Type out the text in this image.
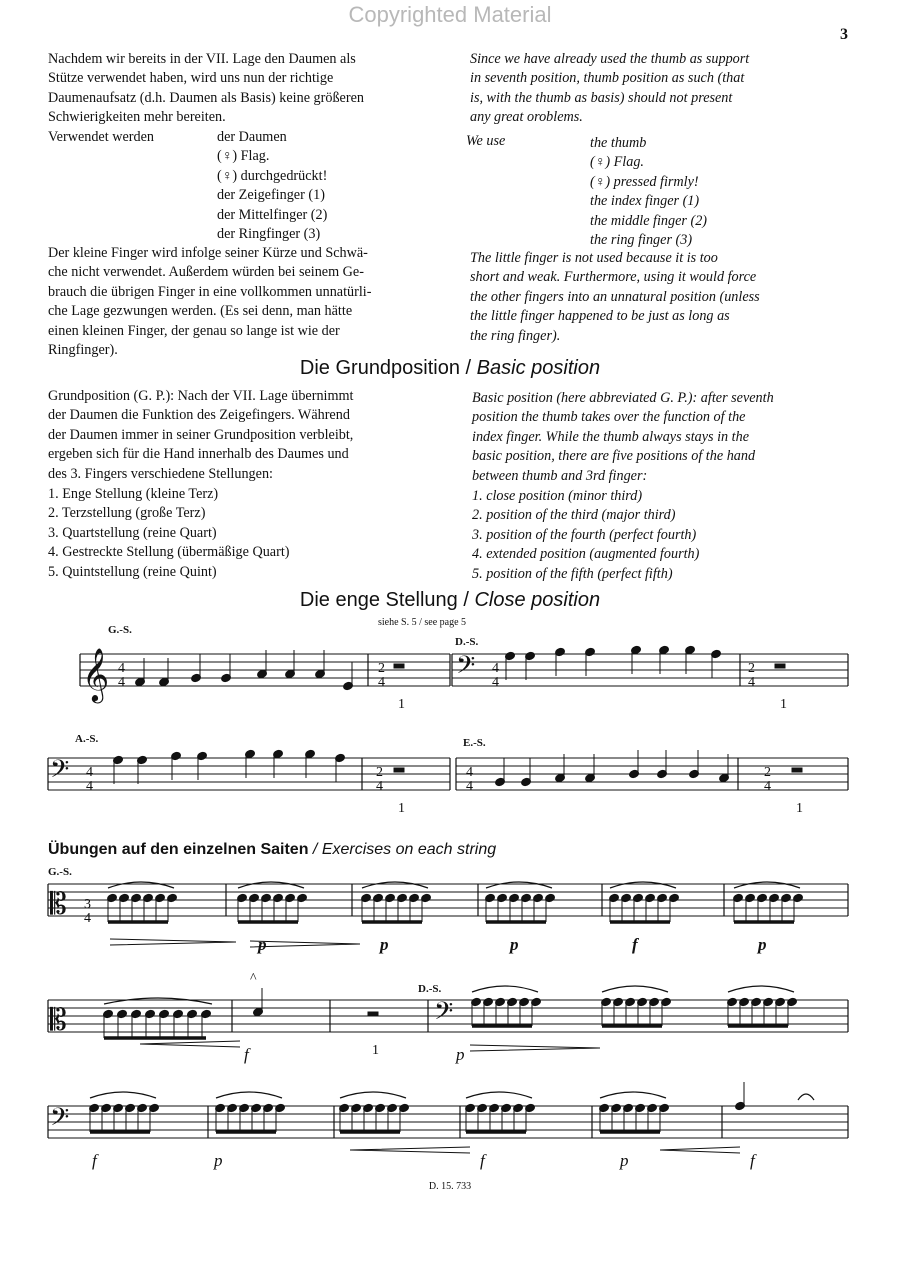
Copyrighted Material
3
Nachdem wir bereits in der VII. Lage den Daumen als
Stütze verwendet haben, wird uns nun der richtige
Daumenaufsatz (d.h. Daumen als Basis) keine größeren
Schwierigkeiten mehr bereiten.
Verwendet werden	der Daumen
(♀) Flag.
(♀) durchgedrückt!
der Zeigefinger (1)
der Mittelfinger (2)
der Ringfinger (3)
Der kleine Finger wird infolge seiner Kürze und Schwä-
che nicht verwendet. Außerdem würden bei seinem Ge-
brauch die übrigen Finger in eine vollkommen unnatürli-
che Lage gezwungen werden. (Es sei denn, man hätte
einen kleinen Finger, der genau so lange ist wie der
Ringfinger).
Since we have already used the thumb as support
in seventh position, thumb position as such (that
is, with the thumb as basis) should not present
any great oroblems.
We use	the thumb
(♀) Flag.
(♀) pressed firmly!
the index finger (1)
the middle finger (2)
the ring finger (3)
The little finger is not used because it is too
short and weak. Furthermore, using it would force
the other fingers into an unnatural position (unless
the little finger happened to be just as long as
the ring finger).
Die Grundposition / Basic position
Grundposition (G. P.): Nach der VII. Lage übernimmt
der Daumen die Funktion des Zeigefingers. Während
der Daumen immer in seiner Grundposition verbleibt,
ergeben sich für die Hand innerhalb des Daumes und
des 3. Fingers verschiedene Stellungen:
1. Enge Stellung (kleine Terz)
2. Terzstellung (große Terz)
3. Quartstellung (reine Quart)
4. Gestreckte Stellung (übermäßige Quart)
5. Quintstellung (reine Quint)
Basic position (here abbreviated G. P.): after seventh
position the thumb takes over the function of the
index finger. While the thumb always stays in the
basic position, there are five positions of the hand
between thumb and 3rd finger:
1. close position (minor third)
2. position of the third (major third)
3. position of the fourth (perfect fourth)
4. extended position (augmented fourth)
5. position of the fifth (perfect fifth)
Die enge Stellung / Close position
siehe S. 5 / see page 5
G.-S.
D.-S.
A.-S.	E.-S.
Übungen auf den einzelnen Saiten / Exercises on each string
G.-S.
D.-S.
𝄞 4
4
2
4
1
𝄢 4
4
2
4
1
𝄢 4
4
2
4
1
4
4
2
4
1
p	p	p	f	p
𝄡 3
4
𝄡
^
1
𝄢
p
f
𝄢
f	p	f	p	f
D. 15. 733
